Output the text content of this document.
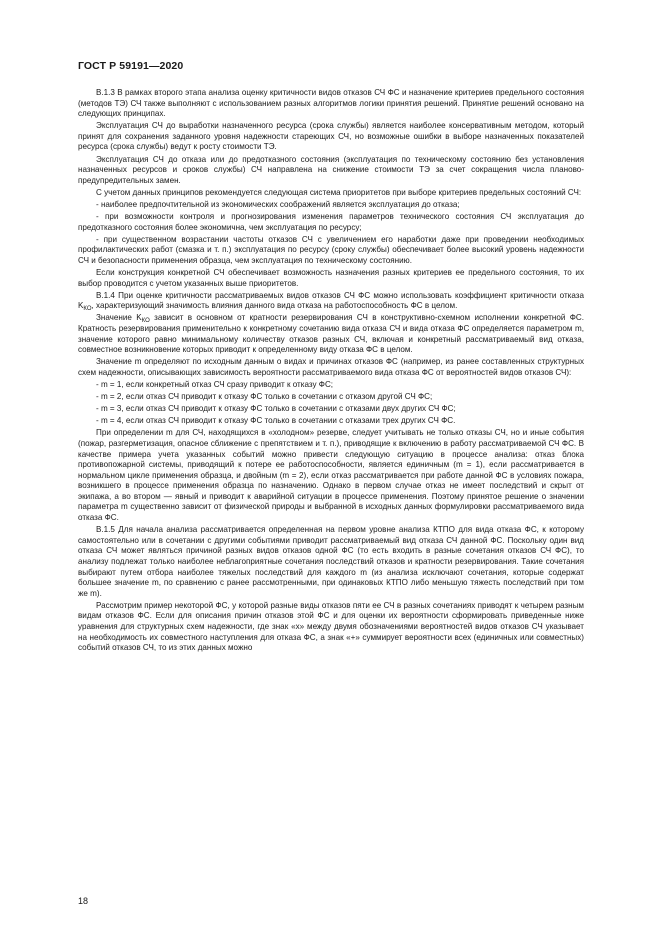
ГОСТ Р 59191—2020

В.1.3 В рамках второго этапа анализа оценку критичности видов отказов СЧ ФС и назначение критериев предельного состояния (методов ТЭ) СЧ также выполняют с использованием разных алгоритмов логики принятия решений. Принятие решений основано на следующих принципах.

Эксплуатация СЧ до выработки назначенного ресурса (срока службы) является наиболее консервативным методом, который принят для сохранения заданного уровня надежности стареющих СЧ, но возможные ошибки в выборе назначенных показателей ресурса (срока службы) ведут к росту стоимости ТЭ.

Эксплуатация СЧ до отказа или до предотказного состояния (эксплуатация по техническому состоянию без установления назначенных ресурсов и сроков службы) СЧ направлена на снижение стоимости ТЭ за счет сокращения числа планово-предупредительных замен.

С учетом данных принципов рекомендуется следующая система приоритетов при выборе критериев предельных состояний СЧ:

- наиболее предпочтительной из экономических соображений является эксплуатация до отказа;

- при возможности контроля и прогнозирования изменения параметров технического состояния СЧ эксплуатация до предотказного состояния более экономична, чем эксплуатация по ресурсу;

- при существенном возрастании частоты отказов СЧ с увеличением его наработки даже при проведении необходимых профилактических работ (смазка и т. п.) эксплуатация по ресурсу (сроку службы) обеспечивает более высокий уровень надежности СЧ и безопасности применения образца, чем эксплуатация по техническому состоянию.

Если конструкция конкретной СЧ обеспечивает возможность назначения разных критериев ее предельного состояния, то их выбор проводится с учетом указанных выше приоритетов.

В.1.4 При оценке критичности рассматриваемых видов отказов СЧ ФС можно использовать коэффициент критичности отказа $K_{КО}$, характеризующий значимость влияния данного вида отказа на работоспособность ФС в целом.

Значение $K_{КО}$ зависит в основном от кратности резервирования СЧ в конструктивно-схемном исполнении конкретной ФС. Кратность резервирования применительно к конкретному сочетанию вида отказа СЧ и вида отказа ФС определяется параметром m, значение которого равно минимальному количеству отказов разных СЧ, включая и конкретный рассматриваемый вид отказа, совместное возникновение которых приводит к определенному виду отказа ФС в целом.

Значение m определяют по исходным данным о видах и причинах отказов ФС (например, из ранее составленных структурных схем надежности, описывающих зависимость вероятности рассматриваемого вида отказа ФС от вероятностей видов отказов СЧ):

- m = 1, если конкретный отказ СЧ сразу приводит к отказу ФС;

- m = 2, если отказ СЧ приводит к отказу ФС только в сочетании с отказом другой СЧ ФС;

- m = 3, если отказ СЧ приводит к отказу ФС только в сочетании с отказами двух других СЧ ФС;

- m = 4, если отказ СЧ приводит к отказу ФС только в сочетании с отказами трех других СЧ ФС.

При определении m для СЧ, находящихся в «холодном» резерве, следует учитывать не только отказы СЧ, но и иные события (пожар, разгерметизация, опасное сближение с препятствием и т. п.), приводящие к включению в работу рассматриваемой СЧ ФС. В качестве примера учета указанных событий можно привести следующую ситуацию в процессе анализа: отказ блока противопожарной системы, приводящий к потере ее работоспособности, является единичным (m = 1), если рассматривается в нормальном цикле применения образца, и двойным (m = 2), если отказ рассматривается при работе данной ФС в условиях пожара, возникшего в процессе применения образца по назначению. Однако в первом случае отказ не имеет последствий и скрыт от экипажа, а во втором — явный и приводит к аварийной ситуации в процессе применения. Поэтому принятое решение о значении параметра m существенно зависит от физической природы и выбранной в исходных данных формулировки рассматриваемого вида отказа ФС.

В.1.5 Для начала анализа рассматривается определенная на первом уровне анализа КТПО для вида отказа ФС, к которому самостоятельно или в сочетании с другими событиями приводит рассматриваемый вид отказа СЧ данной ФС. Поскольку один вид отказа СЧ может являться причиной разных видов отказов одной ФС (то есть входить в разные сочетания отказов СЧ ФС), то анализу подлежат только наиболее неблагоприятные сочетания последствий отказов и кратности резервирования. Такие сочетания выбирают путем отбора наиболее тяжелых последствий для каждого m (из анализа исключают сочетания, которые содержат большее значение m, по сравнению с ранее рассмотренными, при одинаковых КТПО либо меньшую тяжесть последствий при том же m).

Рассмотрим пример некоторой ФС, у которой разные виды отказов пяти ее СЧ в разных сочетаниях приводят к четырем разным видам отказов ФС. Если для описания причин отказов этой ФС и для оценки их вероятности сформировать приведенные ниже уравнения для структурных схем надежности, где знак «х» между двумя обозначениями вероятностей видов отказов СЧ указывает на необходимость их совместного наступления для отказа ФС, а знак «+» суммирует вероятности всех (единичных или совместных) событий отказов СЧ, то из этих данных можно

18
